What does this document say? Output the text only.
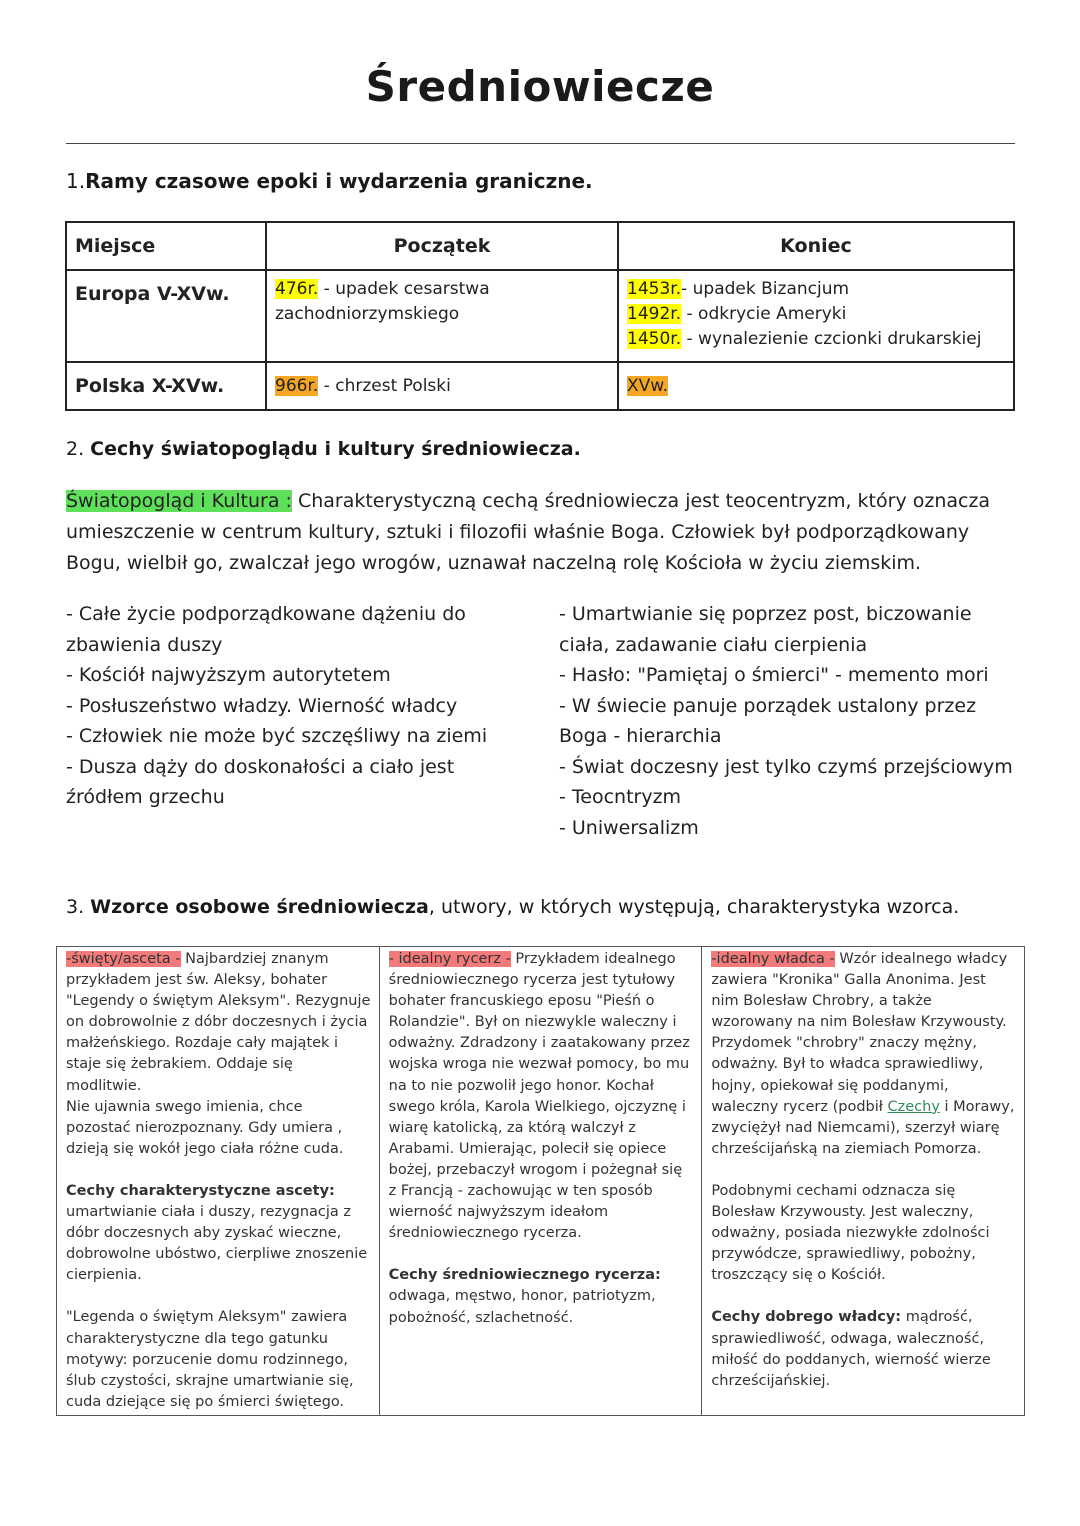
Średniowiecze
1.Ramy czasowe epoki i wydarzenia graniczne.
Miejsce	Początek	Koniec
Europa V-XVw.	476r. - upadek cesarstwa zachodniorzymskiego	1453r.- upadek Bizancjum
1492r. - odkrycie Ameryki
1450r. - wynalezienie czcionki drukarskiej

Polska X-XVw.	966r. - chrzest Polski	XVw.
2. Cechy światopoglądu i kultury średniowiecza.
Światopogląd i Kultura : Charakterystyczną cechą średniowiecza jest teocentryzm, który oznacza umieszczenie w centrum kultury, sztuki i filozofii właśnie Boga. Człowiek był podporządkowany Bogu, wielbił go, zwalczał jego wrogów, uznawał naczelną rolę Kościoła w życiu ziemskim.
- Całe życie podporządkowane dążeniu do zbawienia duszy
- Kościół najwyższym autorytetem
- Posłuszeństwo władzy. Wierność władcy
- Człowiek nie może być szczęśliwy na ziemi
- Dusza dąży do doskonałości a ciało jest źródłem grzechu
- Umartwianie się poprzez post, biczowanie ciała, zadawanie ciału cierpienia
- Hasło: "Pamiętaj o śmierci" - memento mori
- W świecie panuje porządek ustalony przez Boga - hierarchia
- Świat doczesny jest tylko czymś przejściowym
- Teocntryzm
- Uniwersalizm
3. Wzorce osobowe średniowiecza, utwory, w których występują, charakterystyka wzorca.
-święty/asceta - Najbardziej znanym przykładem jest św. Aleksy, bohater "Legendy o świętym Aleksym". Rezygnuje on dobrowolnie z dóbr doczesnych i życia małżeńskiego. Rozdaje cały majątek i staje się żebrakiem. Oddaje się modlitwie.
Nie ujawnia swego imienia, chce pozostać nierozpoznany. Gdy umiera , dzieją się wokół jego ciała różne cuda.
Cechy charakterystyczne ascety:
umartwianie ciała i duszy, rezygnacja z dóbr doczesnych aby zyskać wieczne, dobrowolne ubóstwo, cierpliwe znoszenie cierpienia.
"Legenda o świętym Aleksym" zawiera charakterystyczne dla tego gatunku motywy: porzucenie domu rodzinnego, ślub czystości, skrajne umartwianie się, cuda dziejące się po śmierci świętego.

- idealny rycerz - Przykładem idealnego średniowiecznego rycerza jest tytułowy bohater francuskiego eposu "Pieśń o Rolandzie". Był on niezwykle waleczny i odważny. Zdradzony i zaatakowany przez wojska wroga nie wezwał pomocy, bo mu na to nie pozwolił jego honor. Kochał swego króla, Karola Wielkiego, ojczyznę i wiarę katolicką, za którą walczył z Arabami. Umierając, polecił się opiece bożej, przebaczył wrogom i pożegnał się z Francją - zachowując w ten sposób wierność najwyższym ideałom średniowiecznego rycerza.
Cechy średniowiecznego rycerza: odwaga, męstwo, honor, patriotyzm, pobożność, szlachetność.

-idealny władca - Wzór idealnego władcy zawiera "Kronika" Galla Anonima. Jest nim Bolesław Chrobry, a także wzorowany na nim Bolesław Krzywousty. Przydomek "chrobry" znaczy mężny, odważny. Był to władca sprawiedliwy, hojny, opiekował się poddanymi, waleczny rycerz (podbił Czechy i Morawy, zwyciężył nad Niemcami), szerzył wiarę chrześcijańską na ziemiach Pomorza.
Podobnymi cechami odznacza się Bolesław Krzywousty. Jest waleczny, odważny, posiada niezwykłe zdolności przywódcze, sprawiedliwy, pobożny, troszczący się o Kościół.
Cechy dobrego władcy: mądrość, sprawiedliwość, odwaga, waleczność, miłość do poddanych, wierność wierze chrześcijańskiej.
